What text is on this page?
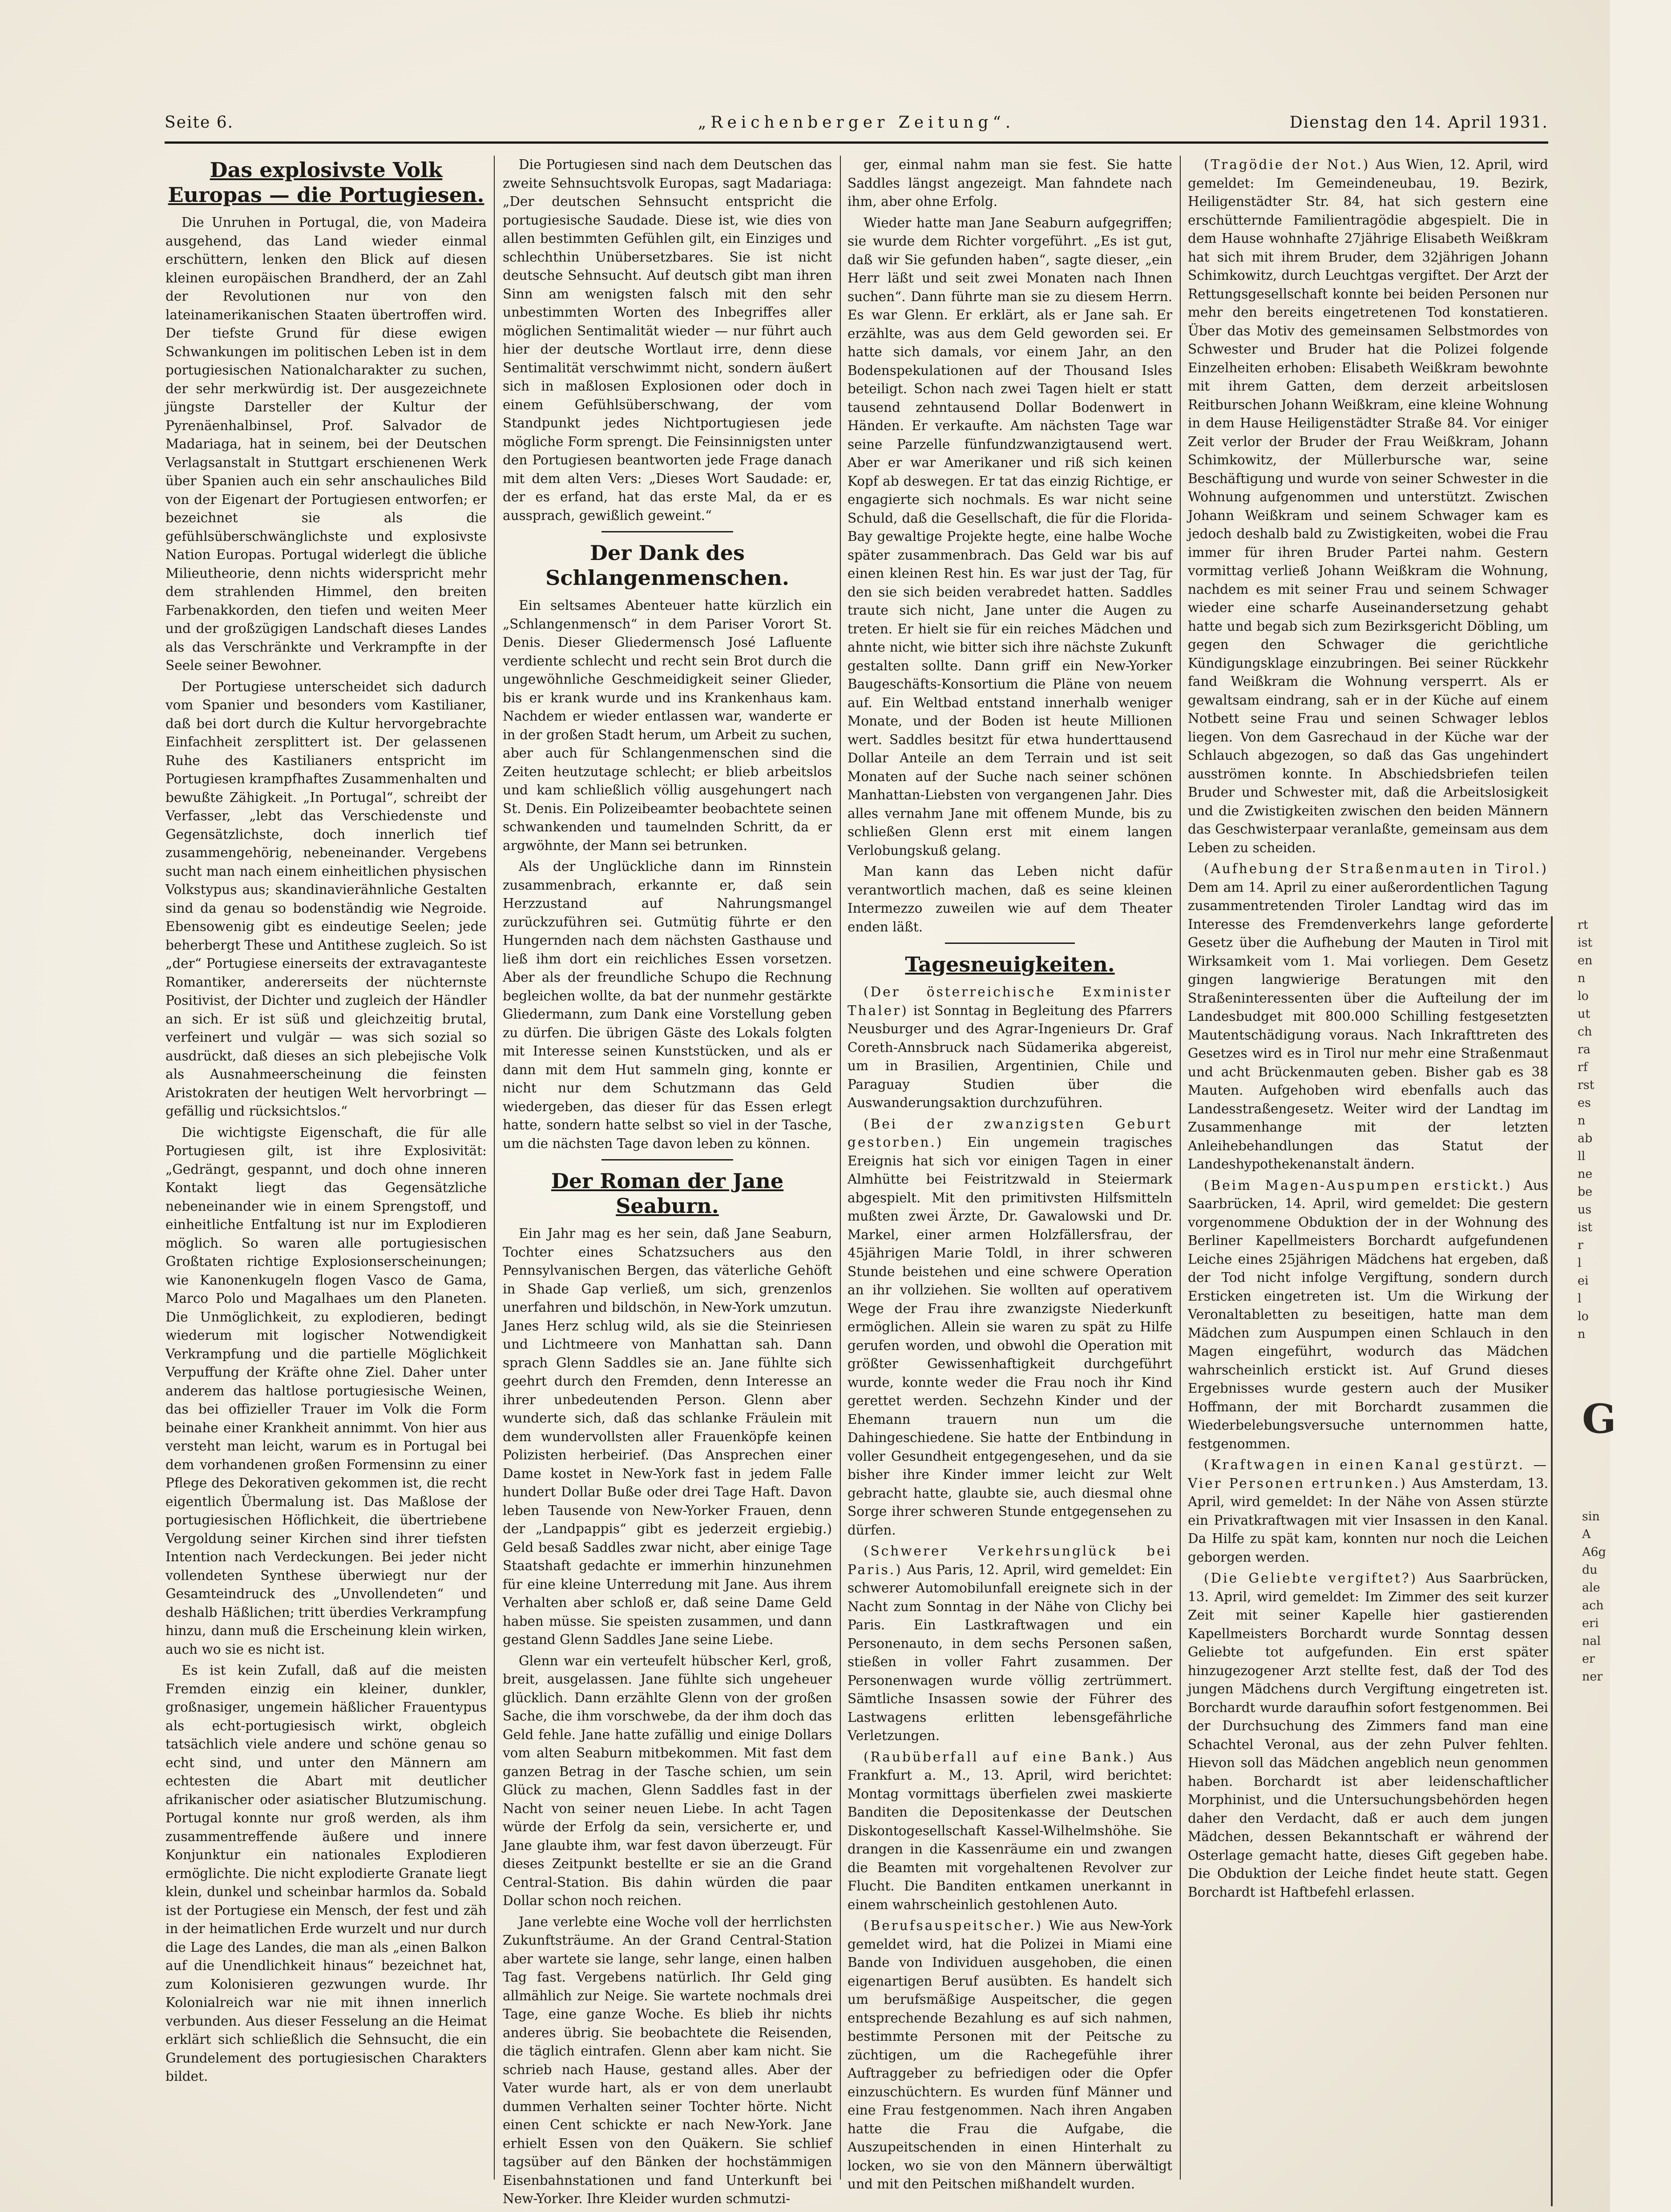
Seite 6.	„Reichenberger Zeitung“.	Dienstag den 14. April 1931.
Das explosivste Volk Europas — die Portugiesen.

Die Unruhen in Portugal, die, von Madeira ausgehend, das Land wieder einmal erschüttern, lenken den Blick auf diesen kleinen europäischen Brandherd, der an Zahl der Revolutionen nur von den lateinamerikanischen Staaten übertroffen wird. Der tiefste Grund für diese ewigen Schwankungen im politischen Leben ist in dem portugiesischen Nationalcharakter zu suchen, der sehr merkwürdig ist. Der ausgezeichnete jüngste Darsteller der Kultur der Pyrenäenhalbinsel, Prof. Salvador de Madariaga, hat in seinem, bei der Deutschen Verlagsanstalt in Stuttgart erschienenen Werk über Spanien auch ein sehr anschauliches Bild von der Eigenart der Portugiesen entworfen; er bezeichnet sie als die gefühlsüberschwänglichste und explosivste Nation Europas. Portugal widerlegt die übliche Milieutheorie, denn nichts widerspricht mehr dem strahlenden Himmel, den breiten Farbenakkorden, den tiefen und weiten Meer und der großzügigen Landschaft dieses Landes als das Verschränkte und Verkrampfte in der Seele seiner Bewohner.

Der Portugiese unterscheidet sich dadurch vom Spanier und besonders vom Kastilianer, daß bei dort durch die Kultur hervorgebrachte Einfachheit zersplittert ist. Der gelassenen Ruhe des Kastilianers entspricht im Portugiesen krampfhaftes Zusammenhalten und bewußte Zähigkeit. „In Portugal“, schreibt der Verfasser, „lebt das Verschiedenste und Gegensätzlichste, doch innerlich tief zusammengehörig, nebeneinander. Vergebens sucht man nach einem einheitlichen physischen Volkstypus aus; skandinavierähnliche Gestalten sind da genau so bodenständig wie Negroide. Ebensowenig gibt es eindeutige Seelen; jede beherbergt These und Antithese zugleich. So ist „der“ Portugiese einerseits der extravaganteste Romantiker, andererseits der nüchternste Positivist, der Dichter und zugleich der Händler an sich. Er ist süß und gleichzeitig brutal, verfeinert und vulgär — was sich sozial so ausdrückt, daß dieses an sich plebejische Volk als Ausnahmeerscheinung die feinsten Aristokraten der heutigen Welt hervorbringt — gefällig und rücksichtslos.“

Die wichtigste Eigenschaft, die für alle Portugiesen gilt, ist ihre Explosivität: „Gedrängt, gespannt, und doch ohne inneren Kontakt liegt das Gegensätzliche nebeneinander wie in einem Sprengstoff, und einheitliche Entfaltung ist nur im Explodieren möglich. So waren alle portugiesischen Großtaten richtige Explosionserscheinungen; wie Kanonenkugeln flogen Vasco de Gama, Marco Polo und Magalhaes um den Planeten. Die Unmöglichkeit, zu explodieren, bedingt wiederum mit logischer Notwendigkeit Verkrampfung und die partielle Möglichkeit Verpuffung der Kräfte ohne Ziel. Daher unter anderem das haltlose portugiesische Weinen, das bei offizieller Trauer im Volk die Form beinahe einer Krankheit annimmt. Von hier aus versteht man leicht, warum es in Portugal bei dem vorhandenen großen Formensinn zu einer Pflege des Dekorativen gekommen ist, die recht eigentlich Übermalung ist. Das Maßlose der portugiesischen Höflichkeit, die übertriebene Vergoldung seiner Kirchen sind ihrer tiefsten Intention nach Verdeckungen. Bei jeder nicht vollendeten Synthese überwiegt nur der Gesamteindruck des „Unvollendeten“ und deshalb Häßlichen; tritt überdies Verkrampfung hinzu, dann muß die Erscheinung klein wirken, auch wo sie es nicht ist.

Es ist kein Zufall, daß auf die meisten Fremden einzig ein kleiner, dunkler, großnasiger, ungemein häßlicher Frauentypus als echt-portugiesisch wirkt, obgleich tatsächlich viele andere und schöne genau so echt sind, und unter den Männern am echtesten die Abart mit deutlicher afrikanischer oder asiatischer Blutzumischung. Portugal konnte nur groß werden, als ihm zusammentreffende äußere und innere Konjunktur ein nationales Explodieren ermöglichte. Die nicht explodierte Granate liegt klein, dunkel und scheinbar harmlos da. Sobald ist der Portugiese ein Mensch, der fest und zäh in der heimatlichen Erde wurzelt und nur durch die Lage des Landes, die man als „einen Balkon auf die Unendlichkeit hinaus“ bezeichnet hat, zum Kolonisieren gezwungen wurde. Ihr Kolonialreich war nie mit ihnen innerlich verbunden. Aus dieser Fesselung an die Heimat erklärt sich schließlich die Sehnsucht, die ein Grundelement des portugiesischen Charakters bildet.

Die Portugiesen sind nach dem Deutschen das zweite Sehnsuchtsvolk Europas, sagt Madariaga: „Der deutschen Sehnsucht entspricht die portugiesische Saudade. Diese ist, wie dies von allen bestimmten Gefühlen gilt, ein Einziges und schlechthin Unübersetzbares. Sie ist nicht deutsche Sehnsucht. Auf deutsch gibt man ihren Sinn am wenigsten falsch mit den sehr unbestimmten Worten des Inbegriffes aller möglichen Sentimalität wieder — nur führt auch hier der deutsche Wortlaut irre, denn diese Sentimalität verschwimmt nicht, sondern äußert sich in maßlosen Explosionen oder doch in einem Gefühlsüberschwang, der vom Standpunkt jedes Nichtportugiesen jede mögliche Form sprengt. Die Feinsinnigsten unter den Portugiesen beantworten jede Frage danach mit dem alten Vers: „Dieses Wort Saudade: er, der es erfand, hat das erste Mal, da er es aussprach, gewißlich geweint.“

Der Dank des Schlangenmenschen.

Ein seltsames Abenteuer hatte kürzlich ein „Schlangenmensch“ in dem Pariser Vorort St. Denis. Dieser Gliedermensch José Lafluente verdiente schlecht und recht sein Brot durch die ungewöhnliche Geschmeidigkeit seiner Glieder, bis er krank wurde und ins Krankenhaus kam. Nachdem er wieder entlassen war, wanderte er in der großen Stadt herum, um Arbeit zu suchen, aber auch für Schlangenmenschen sind die Zeiten heutzutage schlecht; er blieb arbeitslos und kam schließlich völlig ausgehungert nach St. Denis. Ein Polizeibeamter beobachtete seinen schwankenden und taumelnden Schritt, da er argwöhnte, der Mann sei betrunken.

Als der Unglückliche dann im Rinnstein zusammenbrach, erkannte er, daß sein Herzzustand auf Nahrungsmangel zurückzuführen sei. Gutmütig führte er den Hungernden nach dem nächsten Gasthause und ließ ihm dort ein reichliches Essen vorsetzen. Aber als der freundliche Schupo die Rechnung begleichen wollte, da bat der nunmehr gestärkte Gliedermann, zum Dank eine Vorstellung geben zu dürfen. Die übrigen Gäste des Lokals folgten mit Interesse seinen Kunststücken, und als er dann mit dem Hut sammeln ging, konnte er nicht nur dem Schutzmann das Geld wiedergeben, das dieser für das Essen erlegt hatte, sondern hatte selbst so viel in der Tasche, um die nächsten Tage davon leben zu können.

Der Roman der Jane Seaburn.

Ein Jahr mag es her sein, daß Jane Seaburn, Tochter eines Schatzsuchers aus den Pennsylvanischen Bergen, das väterliche Gehöft in Shade Gap verließ, um sich, grenzenlos unerfahren und bildschön, in New-York umzutun. Janes Herz schlug wild, als sie die Steinriesen und Lichtmeere von Manhattan sah. Dann sprach Glenn Saddles sie an. Jane fühlte sich geehrt durch den Fremden, denn Interesse an ihrer unbedeutenden Person. Glenn aber wunderte sich, daß das schlanke Fräulein mit dem wundervollsten aller Frauenköpfe keinen Polizisten herbeirief. (Das Ansprechen einer Dame kostet in New-York fast in jedem Falle hundert Dollar Buße oder drei Tage Haft. Davon leben Tausende von New-Yorker Frauen, denn der „Landpappis“ gibt es jederzeit ergiebig.) Geld besaß Saddles zwar nicht, aber einige Tage Staatshaft gedachte er immerhin hinzunehmen für eine kleine Unterredung mit Jane. Aus ihrem Verhalten aber schloß er, daß seine Dame Geld haben müsse. Sie speisten zusammen, und dann gestand Glenn Saddles Jane seine Liebe.

Glenn war ein verteufelt hübscher Kerl, groß, breit, ausgelassen. Jane fühlte sich ungeheuer glücklich. Dann erzählte Glenn von der großen Sache, die ihm vorschwebe, da der ihm doch das Geld fehle. Jane hatte zufällig und einige Dollars vom alten Seaburn mitbekommen. Mit fast dem ganzen Betrag in der Tasche schien, um sein Glück zu machen, Glenn Saddles fast in der Nacht von seiner neuen Liebe. In acht Tagen würde der Erfolg da sein, versicherte er, und Jane glaubte ihm, war fest davon überzeugt. Für dieses Zeitpunkt bestellte er sie an die Grand Central-Station. Bis dahin würden die paar Dollar schon noch reichen.

Jane verlebte eine Woche voll der herrlichsten Zukunftsträume. An der Grand Central-Station aber wartete sie lange, sehr lange, einen halben Tag fast. Vergebens natürlich. Ihr Geld ging allmählich zur Neige. Sie wartete nochmals drei Tage, eine ganze Woche. Es blieb ihr nichts anderes übrig. Sie beobachtete die Reisenden, die täglich eintrafen. Glenn aber kam nicht. Sie schrieb nach Hause, gestand alles. Aber der Vater wurde hart, als er von dem unerlaubt dummen Verhalten seiner Tochter hörte. Nicht einen Cent schickte er nach New-York. Jane erhielt Essen von den Quäkern. Sie schlief tagsüber auf den Bänken der hochstämmigen Eisenbahnstationen und fand Unterkunft bei New-Yorker. Ihre Kleider wurden schmutzi-

ger, einmal nahm man sie fest. Sie hatte Saddles längst angezeigt. Man fahndete nach ihm, aber ohne Erfolg.

Wieder hatte man Jane Seaburn aufgegriffen; sie wurde dem Richter vorgeführt. „Es ist gut, daß wir Sie gefunden haben“, sagte dieser, „ein Herr läßt und seit zwei Monaten nach Ihnen suchen“. Dann führte man sie zu diesem Herrn. Es war Glenn. Er erklärt, als er Jane sah. Er erzählte, was aus dem Geld geworden sei. Er hatte sich damals, vor einem Jahr, an den Bodenspekulationen auf der Thousand Isles beteiligt. Schon nach zwei Tagen hielt er statt tausend zehntausend Dollar Bodenwert in Händen. Er verkaufte. Am nächsten Tage war seine Parzelle fünfundzwanzigtausend wert. Aber er war Amerikaner und riß sich keinen Kopf ab deswegen. Er tat das einzig Richtige, er engagierte sich nochmals. Es war nicht seine Schuld, daß die Gesellschaft, die für die Florida-Bay gewaltige Projekte hegte, eine halbe Woche später zusammenbrach. Das Geld war bis auf einen kleinen Rest hin. Es war just der Tag, für den sie sich beiden verabredet hatten. Saddles traute sich nicht, Jane unter die Augen zu treten. Er hielt sie für ein reiches Mädchen und ahnte nicht, wie bitter sich ihre nächste Zukunft gestalten sollte. Dann griff ein New-Yorker Baugeschäfts-Konsortium die Pläne von neuem auf. Ein Weltbad entstand innerhalb weniger Monate, und der Boden ist heute Millionen wert. Saddles besitzt für etwa hunderttausend Dollar Anteile an dem Terrain und ist seit Monaten auf der Suche nach seiner schönen Manhattan-Liebsten von vergangenen Jahr. Dies alles vernahm Jane mit offenem Munde, bis zu schließen Glenn erst mit einem langen Verlobungskuß gelang.

Man kann das Leben nicht dafür verantwortlich machen, daß es seine kleinen Intermezzo zuweilen wie auf dem Theater enden läßt.

Tagesneuigkeiten.

(Der österreichische Exminister Thaler) ist Sonntag in Begleitung des Pfarrers Neusburger und des Agrar-Ingenieurs Dr. Graf Coreth-Annsbruck nach Südamerika abgereist, um in Brasilien, Argentinien, Chile und Paraguay Studien über die Auswanderungsaktion durchzuführen.

(Bei der zwanzigsten Geburt gestorben.) Ein ungemein tragisches Ereignis hat sich vor einigen Tagen in einer Almhütte bei Feistritzwald in Steiermark abgespielt. Mit den primitivsten Hilfsmitteln mußten zwei Ärzte, Dr. Gawalowski und Dr. Markel, einer armen Holzfällersfrau, der 45jährigen Marie Toldl, in ihrer schweren Stunde beistehen und eine schwere Operation an ihr vollziehen. Sie wollten auf operativem Wege der Frau ihre zwanzigste Niederkunft ermöglichen. Allein sie waren zu spät zu Hilfe gerufen worden, und obwohl die Operation mit größter Gewissenhaftigkeit durchgeführt wurde, konnte weder die Frau noch ihr Kind gerettet werden. Sechzehn Kinder und der Ehemann trauern nun um die Dahingeschiedene. Sie hatte der Entbindung in voller Gesundheit entgegengesehen, und da sie bisher ihre Kinder immer leicht zur Welt gebracht hatte, glaubte sie, auch diesmal ohne Sorge ihrer schweren Stunde entgegensehen zu dürfen.

(Schwerer Verkehrsunglück bei Paris.) Aus Paris, 12. April, wird gemeldet: Ein schwerer Automobilunfall ereignete sich in der Nacht zum Sonntag in der Nähe von Clichy bei Paris. Ein Lastkraftwagen und ein Personenauto, in dem sechs Personen saßen, stießen in voller Fahrt zusammen. Der Personenwagen wurde völlig zertrümmert. Sämtliche Insassen sowie der Führer des Lastwagens erlitten lebensgefährliche Verletzungen.

(Raubüberfall auf eine Bank.) Aus Frankfurt a. M., 13. April, wird berichtet: Montag vormittags überfielen zwei maskierte Banditen die Depositenkasse der Deutschen Diskontogesellschaft Kassel-Wilhelmshöhe. Sie drangen in die Kassenräume ein und zwangen die Beamten mit vorgehaltenen Revolver zur Flucht. Die Banditen entkamen unerkannt in einem wahrscheinlich gestohlenen Auto.

(Berufsauspeitscher.) Wie aus New-York gemeldet wird, hat die Polizei in Miami eine Bande von Individuen ausgehoben, die einen eigenartigen Beruf ausübten. Es handelt sich um berufsmäßige Auspeitscher, die gegen entsprechende Bezahlung es auf sich nahmen, bestimmte Personen mit der Peitsche zu züchtigen, um die Rachegefühle ihrer Auftraggeber zu befriedigen oder die Opfer einzuschüchtern. Es wurden fünf Männer und eine Frau festgenommen. Nach ihren Angaben hatte die Frau die Aufgabe, die Auszupeitschenden in einen Hinterhalt zu locken, wo sie von den Männern überwältigt und mit den Peitschen mißhandelt wurden.

(Tragödie der Not.) Aus Wien, 12. April, wird gemeldet: Im Gemeindeneubau, 19. Bezirk, Heiligenstädter Str. 84, hat sich gestern eine erschütternde Familientragödie abgespielt. Die in dem Hause wohnhafte 27jährige Elisabeth Weißkram hat sich mit ihrem Bruder, dem 32jährigen Johann Schimkowitz, durch Leuchtgas vergiftet. Der Arzt der Rettungsgesellschaft konnte bei beiden Personen nur mehr den bereits eingetretenen Tod konstatieren. Über das Motiv des gemeinsamen Selbstmordes von Schwester und Bruder hat die Polizei folgende Einzelheiten erhoben: Elisabeth Weißkram bewohnte mit ihrem Gatten, dem derzeit arbeitslosen Reitburschen Johann Weißkram, eine kleine Wohnung in dem Hause Heiligenstädter Straße 84. Vor einiger Zeit verlor der Bruder der Frau Weißkram, Johann Schimkowitz, der Müllerbursche war, seine Beschäftigung und wurde von seiner Schwester in die Wohnung aufgenommen und unterstützt. Zwischen Johann Weißkram und seinem Schwager kam es jedoch deshalb bald zu Zwistigkeiten, wobei die Frau immer für ihren Bruder Partei nahm. Gestern vormittag verließ Johann Weißkram die Wohnung, nachdem es mit seiner Frau und seinem Schwager wieder eine scharfe Auseinandersetzung gehabt hatte und begab sich zum Bezirksgericht Döbling, um gegen den Schwager die gerichtliche Kündigungsklage einzubringen. Bei seiner Rückkehr fand Weißkram die Wohnung versperrt. Als er gewaltsam eindrang, sah er in der Küche auf einem Notbett seine Frau und seinen Schwager leblos liegen. Von dem Gasrechaud in der Küche war der Schlauch abgezogen, so daß das Gas ungehindert ausströmen konnte. In Abschiedsbriefen teilen Bruder und Schwester mit, daß die Arbeitslosigkeit und die Zwistigkeiten zwischen den beiden Männern das Geschwisterpaar veranlaßte, gemeinsam aus dem Leben zu scheiden.

(Aufhebung der Straßenmauten in Tirol.) Dem am 14. April zu einer außerordentlichen Tagung zusammentretenden Tiroler Landtag wird das im Interesse des Fremdenverkehrs lange geforderte Gesetz über die Aufhebung der Mauten in Tirol mit Wirksamkeit vom 1. Mai vorliegen. Dem Gesetz gingen langwierige Beratungen mit den Straßeninteressenten über die Aufteilung der im Landesbudget mit 800.000 Schilling festgesetzten Mautentschädigung voraus. Nach Inkrafttreten des Gesetzes wird es in Tirol nur mehr eine Straßenmaut und acht Brückenmauten geben. Bisher gab es 38 Mauten. Aufgehoben wird ebenfalls auch das Landesstraßengesetz. Weiter wird der Landtag im Zusammenhange mit der letzten Anleihebehandlungen das Statut der Landeshypothekenanstalt ändern.

(Beim Magen-Auspumpen erstickt.) Aus Saarbrücken, 14. April, wird gemeldet: Die gestern vorgenommene Obduktion der in der Wohnung des Berliner Kapellmeisters Borchardt aufgefundenen Leiche eines 25jährigen Mädchens hat ergeben, daß der Tod nicht infolge Vergiftung, sondern durch Ersticken eingetreten ist. Um die Wirkung der Veronaltabletten zu beseitigen, hatte man dem Mädchen zum Auspumpen einen Schlauch in den Magen eingeführt, wodurch das Mädchen wahrscheinlich erstickt ist. Auf Grund dieses Ergebnisses wurde gestern auch der Musiker Hoffmann, der mit Borchardt zusammen die Wiederbelebungsversuche unternommen hatte, festgenommen.

(Kraftwagen in einen Kanal gestürzt. — Vier Personen ertrunken.) Aus Amsterdam, 13. April, wird gemeldet: In der Nähe von Assen stürzte ein Privatkraftwagen mit vier Insassen in den Kanal. Da Hilfe zu spät kam, konnten nur noch die Leichen geborgen werden.

(Die Geliebte vergiftet?) Aus Saarbrücken, 13. April, wird gemeldet: Im Zimmer des seit kurzer Zeit mit seiner Kapelle hier gastierenden Kapellmeisters Borchardt wurde Sonntag dessen Geliebte tot aufgefunden. Ein erst später hinzugezogener Arzt stellte fest, daß der Tod des jungen Mädchens durch Vergiftung eingetreten ist. Borchardt wurde daraufhin sofort festgenommen. Bei der Durchsuchung des Zimmers fand man eine Schachtel Veronal, aus der zehn Pulver fehlten. Hievon soll das Mädchen angeblich neun genommen haben. Borchardt ist aber leidenschaftlicher Morphinist, und die Untersuchungsbehörden hegen daher den Verdacht, daß er auch dem jungen Mädchen, dessen Bekanntschaft er während der Osterlage gemacht hatte, dieses Gift gegeben habe. Die Obduktion der Leiche findet heute statt. Gegen Borchardt ist Haftbefehl erlassen.

rt
ist
en
n
lo
ut
ch
ra
rf
rst
es
n
ab
ll
ne
be
us
ist
r
l
ei
l
lo
n
G
sin
A
A6g
du
ale
ach
eri
nal
er
ner
